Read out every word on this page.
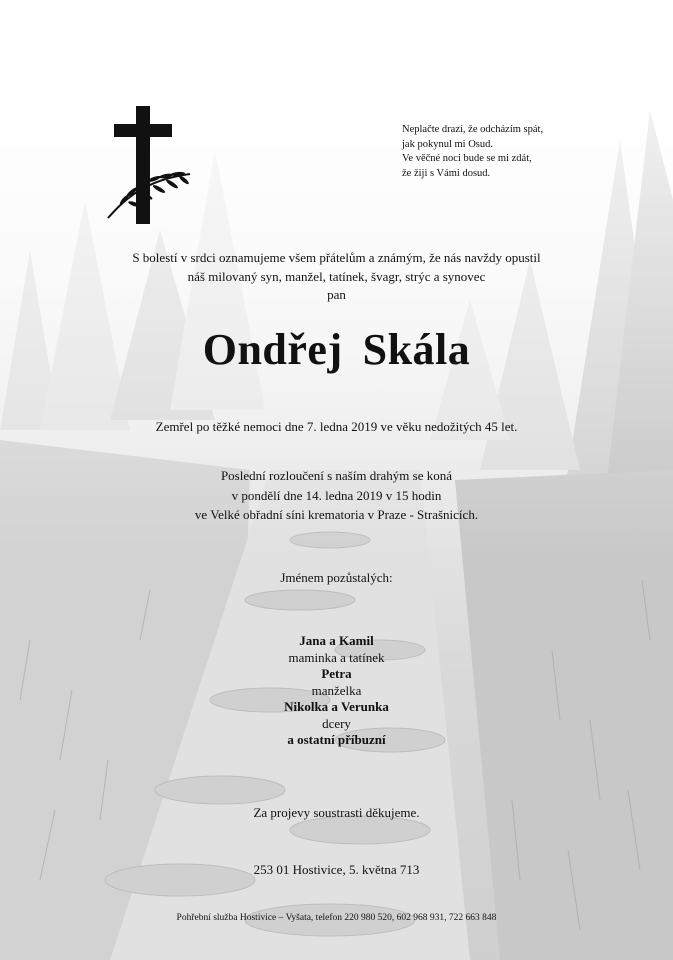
Neplačte drazí, že odcházím spát,
jak pokynul mi Osud.
Ve věčné noci bude se mi zdát,
že žiji s Vámi dosud.
S bolestí v srdci oznamujeme všem přátelům a známým, že nás navždy opustil
náš milovaný syn, manžel, tatínek, švagr, strýc a synovec
pan
Ondřej Skála
Zemřel po těžké nemoci dne 7. ledna 2019 ve věku nedožitých 45 let.
Poslední rozloučení s naším drahým se koná
v pondělí dne 14. ledna 2019 v 15 hodin
ve Velké obřadní síni krematoria v Praze - Strašnicích.
Jménem pozůstalých:
Jana a Kamil
maminka a tatínek
Petra
manželka
Nikolka a Verunka
dcery
a ostatní příbuzní
Za projevy soustrasti děkujeme.
253 01 Hostivice, 5. května 713
Pohřební služba Hostivice – Vyšata, telefon 220 980 520, 602 968 931, 722 663 848
